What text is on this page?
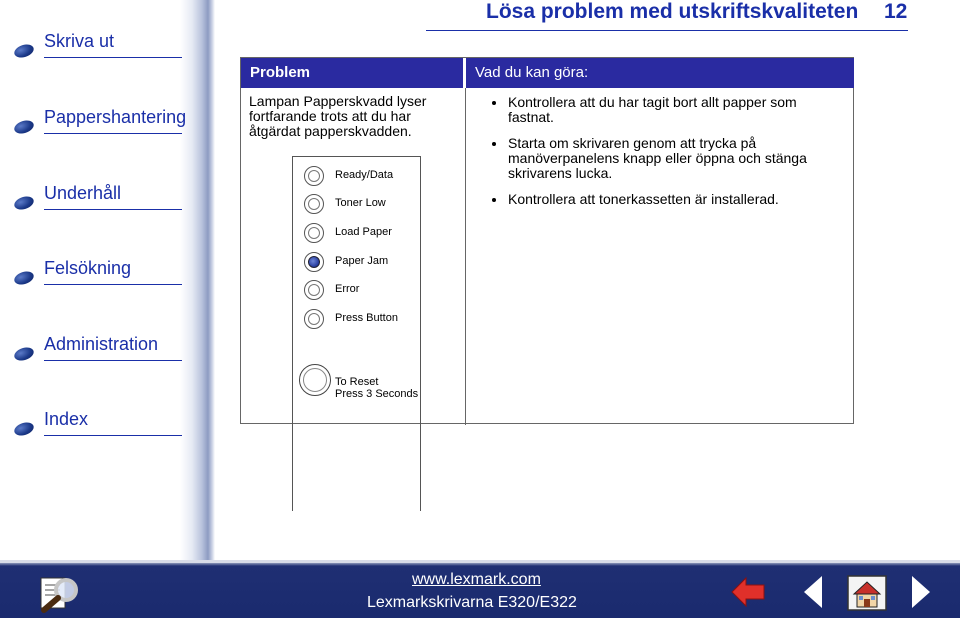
Skriva ut
Pappershantering
Underhåll
Felsökning
Administration
Index
Lösa problem med utskriftskvaliteten 12
Problem	Vad du kan göra:
Lampan Papperskvadd lyser fortfarande trots att du har åtgärdat papperskvadden.
Ready/Data
Toner Low
Load Paper
Paper Jam
Error
Press Button
To Reset
Press 3 Seconds
Kontrollera att du har tagit bort allt papper som fastnat.
Starta om skrivaren genom att trycka på manöverpanelens knapp eller öppna och stänga skrivarens lucka.
Kontrollera att tonerkassetten är installerad.
www.lexmark.com
Lexmarkskrivarna E320/E322
